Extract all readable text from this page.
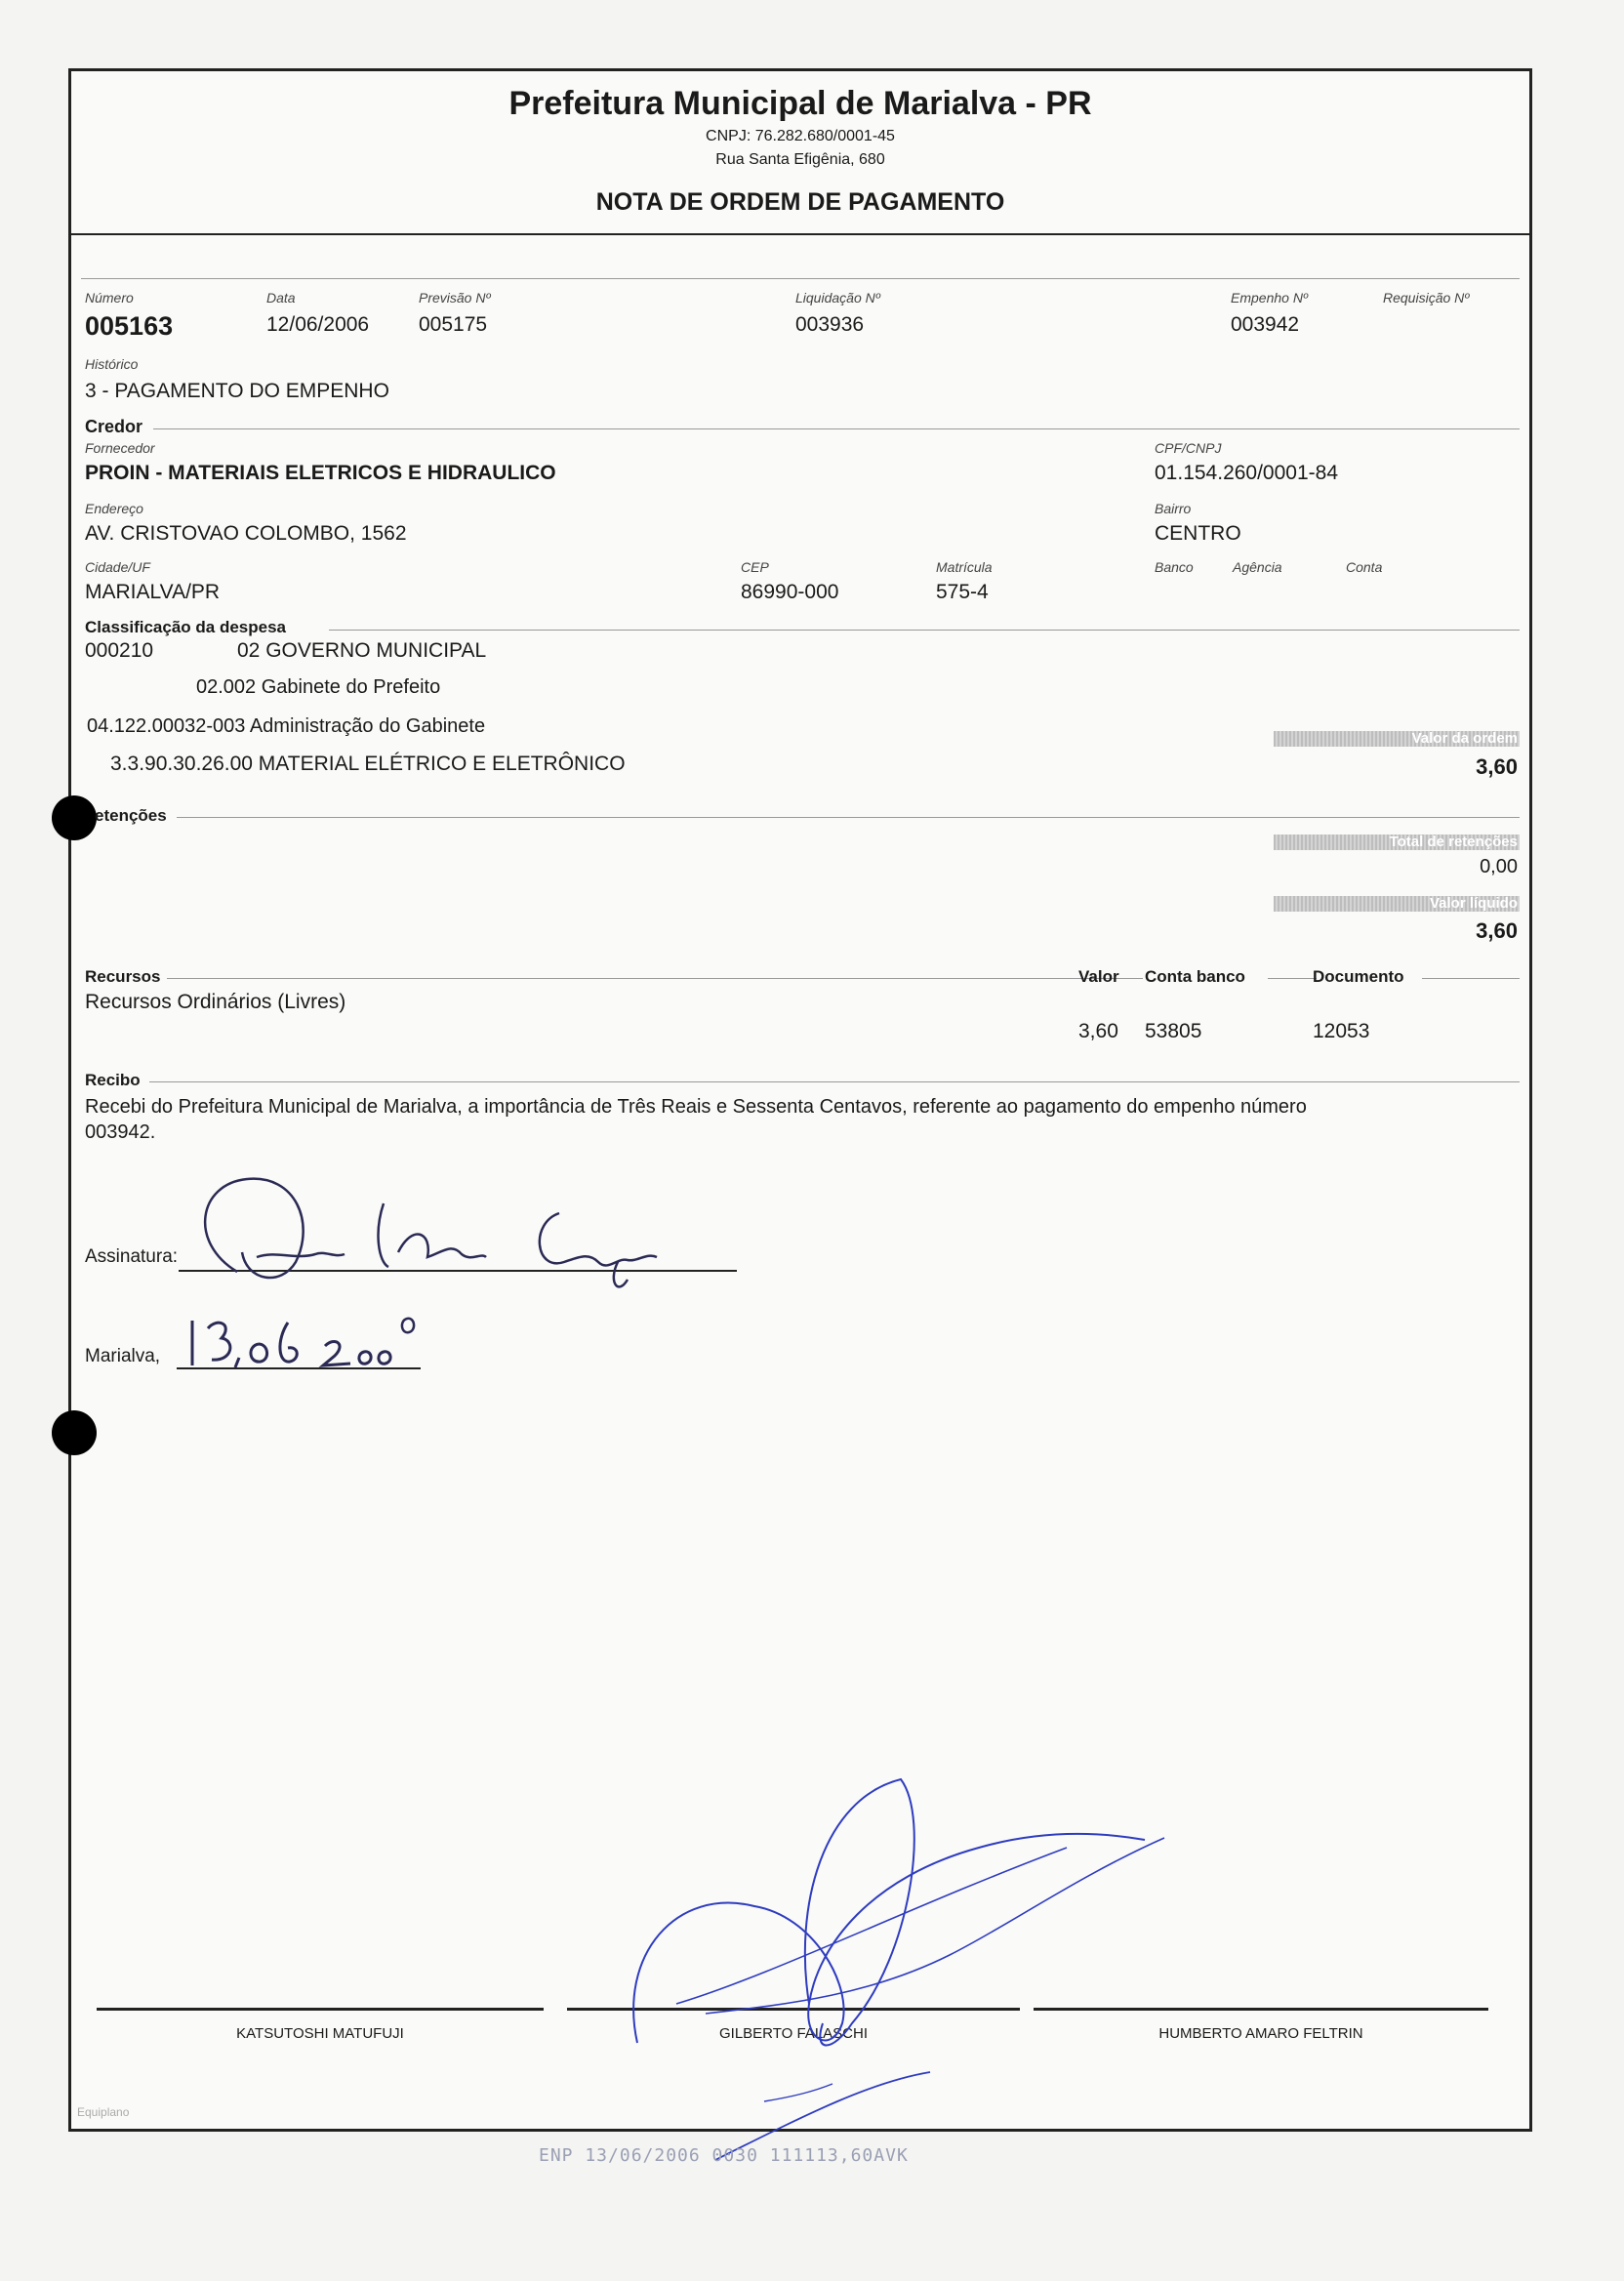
Prefeitura Municipal de Marialva - PR
CNPJ: 76.282.680/0001-45
Rua Santa Efigênia, 680
NOTA DE ORDEM DE PAGAMENTO
Número
005163
Data
12/06/2006
Previsão Nº
005175
Liquidação Nº
003936
Empenho Nº
003942
Requisição Nº
Histórico
3 - PAGAMENTO DO EMPENHO
Credor
Fornecedor
PROIN - MATERIAIS ELETRICOS E HIDRAULICO
CPF/CNPJ
01.154.260/0001-84
Endereço
AV. CRISTOVAO COLOMBO, 1562
Bairro
CENTRO
Cidade/UF
MARIALVA/PR
CEP
86990-000
Matrícula
575-4
Banco	Agência	Conta
Classificação da despesa
000210	02 GOVERNO MUNICIPAL
02.002 Gabinete do Prefeito
04.122.00032-003 Administração do Gabinete
3.3.90.30.26.00 MATERIAL ELÉTRICO E ELETRÔNICO
Valor da ordem
3,60
etenções
Total de retenções
0,00
Valor líquido
3,60
Recursos	Valor Conta banco	Documento
Recursos Ordinários (Livres)
3,60 53805	12053
Recibo
Recebi do Prefeitura Municipal de Marialva, a importância de Três Reais e Sessenta Centavos, referente ao pagamento do empenho número
003942.
Assinatura:
Marialva,
KATSUTOSHI MATUFUJI	GILBERTO FALASCHI	HUMBERTO AMARO FELTRIN
Equiplano
ENP 13/06/2006 0030 111113,60AVK
